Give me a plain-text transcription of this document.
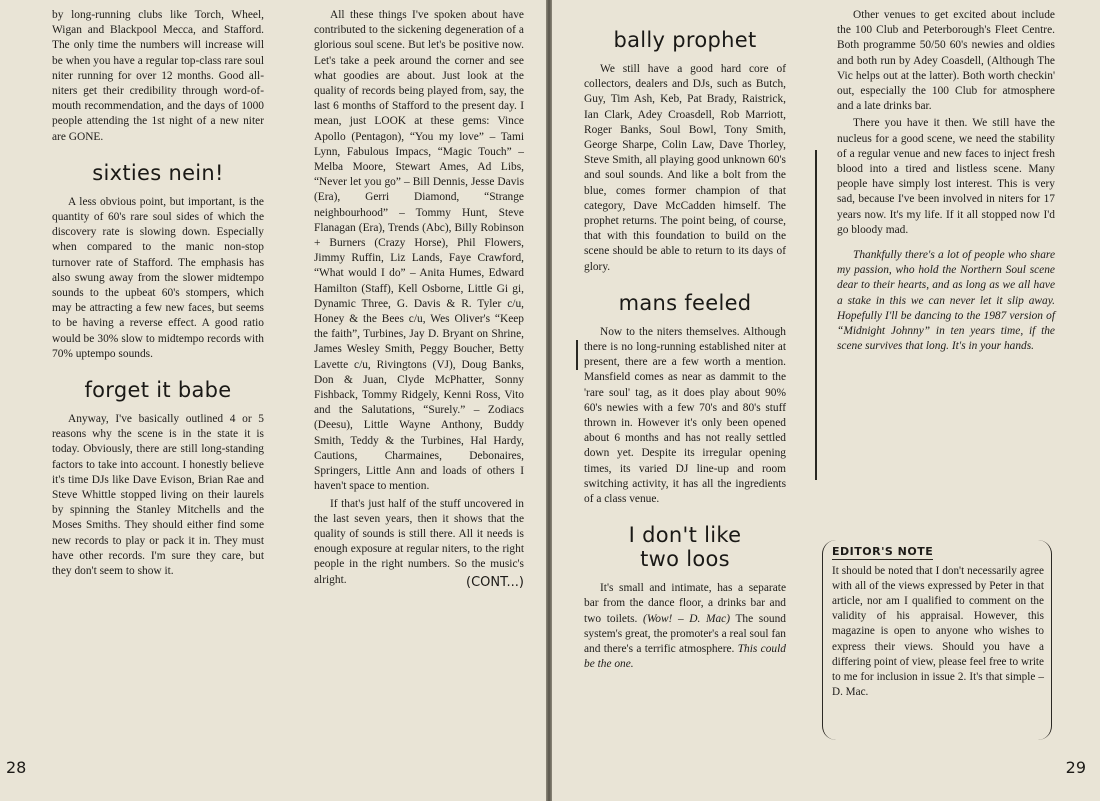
by long-running clubs like Torch, Wheel, Wigan and Blackpool Mecca, and Stafford. The only time the numbers will increase will be when you have a regular top-class rare soul niter running for over 12 months. Good all-niters get their credibility through word-of-mouth recommendation, and the days of 1000 people attending the 1st night of a new niter are GONE.

sixties nein!

A less obvious point, but important, is the quantity of 60's rare soul sides of which the discovery rate is slowing down. Especially when compared to the manic non-stop turnover rate of Stafford. The emphasis has also swung away from the slower midtempo sounds to the upbeat 60's stompers, which may be attracting a few new faces, but seems to be having a reverse effect. A good ratio would be 30% slow to midtempo records with 70% uptempo sounds.

forget it babe

Anyway, I've basically outlined 4 or 5 reasons why the scene is in the state it is today. Obviously, there are still long-standing factors to take into account. I honestly believe it's time DJs like Dave Evison, Brian Rae and Steve Whittle stopped living on their laurels by spinning the Stanley Mitchells and the Moses Smiths. They should either find some new records to play or pack it in. They must have other records. I'm sure they care, but they don't seem to show it.

All these things I've spoken about have contributed to the sickening degeneration of a glorious soul scene. But let's be positive now. Let's take a peek around the corner and see what goodies are about. Just look at the quality of records being played from, say, the last 6 months of Stafford to the present day. I mean, just LOOK at these gems: Vince Apollo (Pentagon), “You my love” – Tami Lynn, Fabulous Impacs, “Magic Touch” – Melba Moore, Stewart Ames, Ad Libs, “Never let you go” – Bill Dennis, Jesse Davis (Era), Gerri Diamond, “Strange neighbourhood” – Tommy Hunt, Steve Flanagan (Era), Trends (Abc), Billy Robinson + Burners (Crazy Horse), Phil Flowers, Jimmy Ruffin, Liz Lands, Faye Crawford, “What would I do” – Anita Humes, Edward Hamilton (Staff), Kell Osborne, Little Gi gi, Dynamic Three, G. Davis & R. Tyler c/u, Honey & the Bees c/u, Wes Oliver's “Keep the faith”, Turbines, Jay D. Bryant on Shrine, James Wesley Smith, Peggy Boucher, Betty Lavette c/u, Rivingtons (VJ), Doug Banks, Don & Juan, Clyde McPhatter, Sonny Fishback, Tommy Ridgely, Kenni Ross, Vito and the Salutations, “Surely.” – Zodiacs (Deesu), Little Wayne Anthony, Buddy Smith, Teddy & the Turbines, Hal Hardy, Cautions, Charmaines, Debonaires, Springers, Little Ann and loads of others I haven't space to mention.

If that's just half of the stuff uncovered in the last seven years, then it shows that the quality of sounds is still there. All it needs is enough exposure at regular niters, to the right people in the right numbers. So the music's alright.	(CONT...)
28
bally prophet

We still have a good hard core of collectors, dealers and DJs, such as Butch, Guy, Tim Ash, Keb, Pat Brady, Raistrick, Ian Clark, Adey Croasdell, Rob Marriott, Roger Banks, Soul Bowl, Tony Smith, George Sharpe, Colin Law, Dave Thorley, Steve Smith, all playing good unknown 60's and soul sounds. And like a bolt from the blue, comes former champion of that category, Dave McCadden himself. The prophet returns. The point being, of course, that with this foundation to build on the scene should be able to return to its days of glory.

mans feeled

Now to the niters themselves. Although there is no long-running established niter at present, there are a few worth a mention. Mansfield comes as near as dammit to the 'rare soul' tag, as it does play about 90% 60's newies with a few 70's and 80's stuff thrown in. However it's only been opened about 6 months and has not really settled down yet. Despite its irregular opening times, its varied DJ line-up and room switching activity, it has all the ingredients of a class venue.

I don't like
two loos

It's small and intimate, has a separate bar from the dance floor, a drinks bar and two toilets. (Wow! – D. Mac) The sound system's great, the promoter's a real soul fan and there's a terrific atmosphere. This could be the one.

Other venues to get excited about include the 100 Club and Peterborough's Fleet Centre. Both programme 50/50 60's newies and oldies and both run by Adey Coasdell, (Although The Vic helps out at the latter). Both worth checkin' out, especially the 100 Club for atmosphere and a late drinks bar.

There you have it then. We still have the nucleus for a good scene, we need the stability of a regular venue and new faces to inject fresh blood into a tired and listless scene. Many people have simply lost interest. This is very sad, because I've been involved in niters for 17 years now. It's my life. If it all stopped now I'd go bloody mad.

Thankfully there's a lot of people who share my passion, who hold the Northern Soul scene dear to their hearts, and as long as we all have a stake in this we can never let it slip away. Hopefully I'll be dancing to the 1987 version of “Midnight Johnny” in ten years time, if the scene survives that long. It's in your hands.

29
EDITOR'S NOTE

It should be noted that I don't necessarily agree with all of the views expressed by Peter in that article, nor am I qualified to comment on the validity of his appraisal. However, this magazine is open to anyone who wishes to express their views. Should you have a differing point of view, please feel free to write to me for inclusion in issue 2. It's that simple – D. Mac.
